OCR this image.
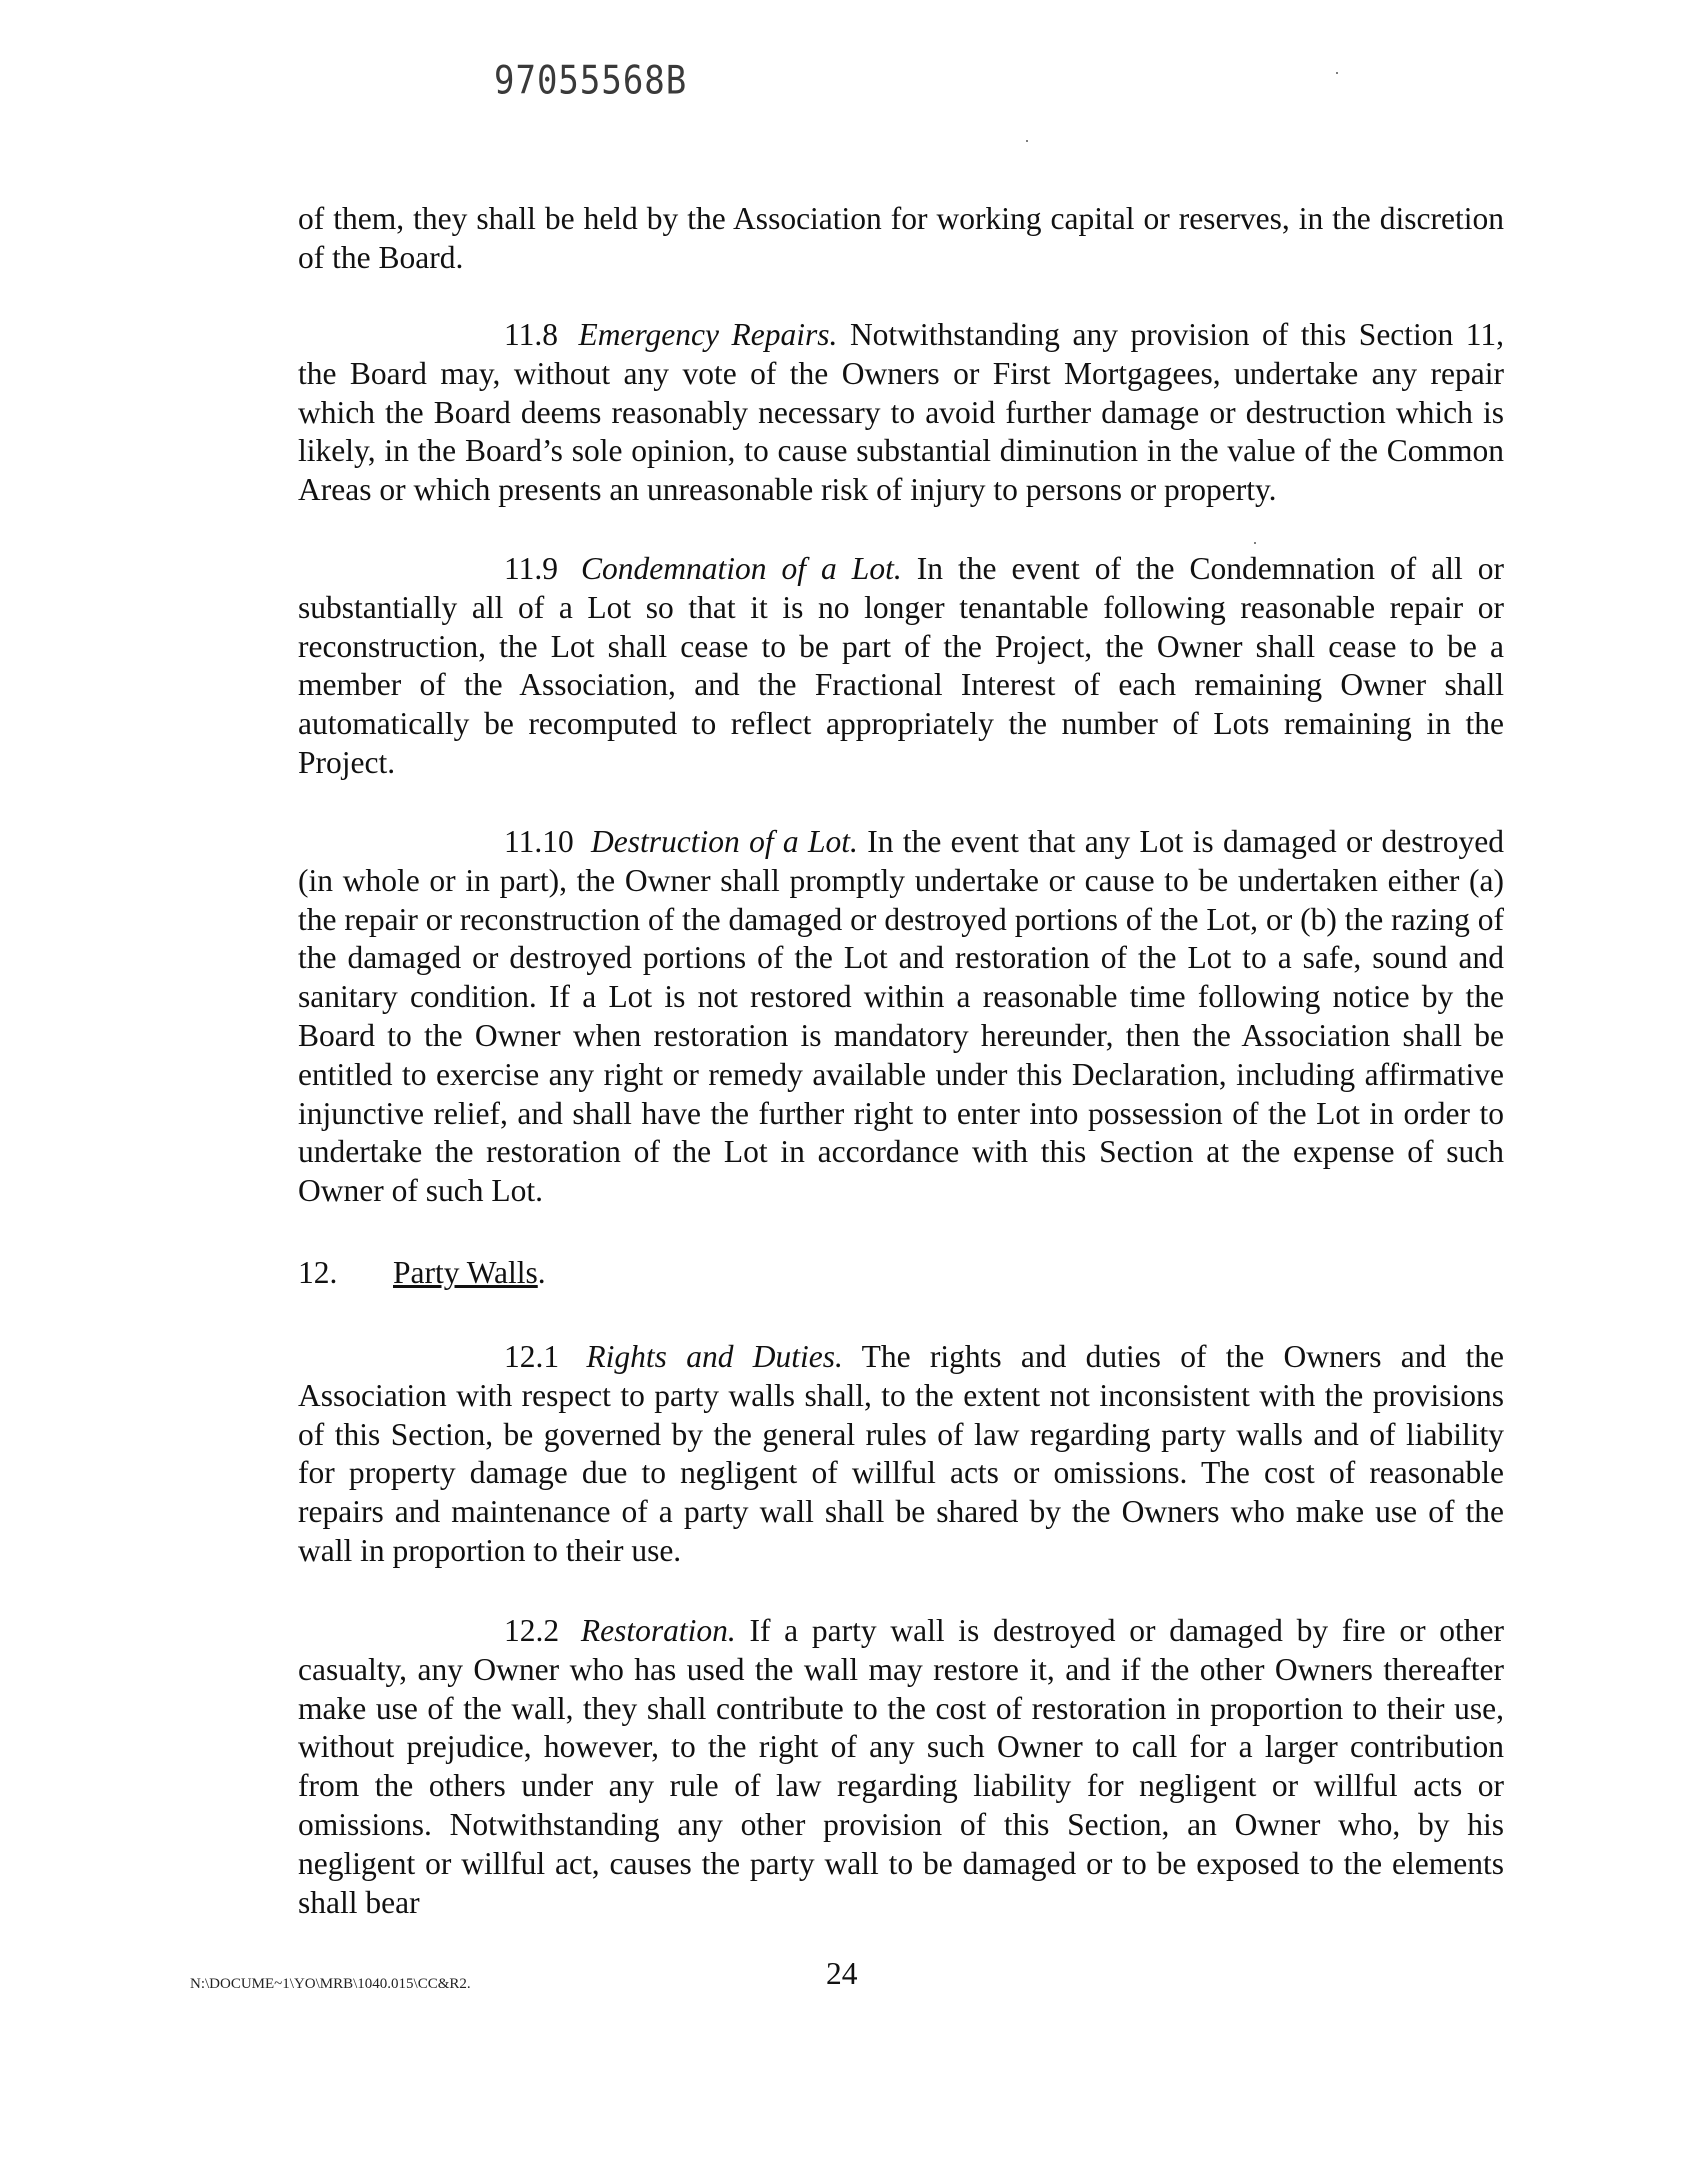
97055568B

of them, they shall be held by the Association for working capital or reserves, in the discretion of the Board.

11.8 Emergency Repairs. Notwithstanding any provision of this Section 11, the Board may, without any vote of the Owners or First Mortgagees, undertake any repair which the Board deems reasonably necessary to avoid further damage or destruction which is likely, in the Board’s sole opinion, to cause substantial diminution in the value of the Common Areas or which presents an unreasonable risk of injury to persons or property.

11.9 Condemnation of a Lot. In the event of the Condemnation of all or substantially all of a Lot so that it is no longer tenantable following reasonable repair or reconstruction, the Lot shall cease to be part of the Project, the Owner shall cease to be a member of the Association, and the Fractional Interest of each remaining Owner shall automatically be recomputed to reflect appropriately the number of Lots remaining in the Project.

11.10 Destruction of a Lot. In the event that any Lot is damaged or destroyed (in whole or in part), the Owner shall promptly undertake or cause to be undertaken either (a) the repair or reconstruction of the damaged or destroyed portions of the Lot, or (b) the razing of the damaged or destroyed portions of the Lot and restoration of the Lot to a safe, sound and sanitary condition. If a Lot is not restored within a reasonable time following notice by the Board to the Owner when restoration is mandatory hereunder, then the Association shall be entitled to exercise any right or remedy available under this Declaration, including affirmative injunctive relief, and shall have the further right to enter into possession of the Lot in order to undertake the restoration of the Lot in accordance with this Section at the expense of such Owner of such Lot.

12. Party Walls.

12.1 Rights and Duties. The rights and duties of the Owners and the Association with respect to party walls shall, to the extent not inconsistent with the provisions of this Section, be governed by the general rules of law regarding party walls and of liability for property damage due to negligent of willful acts or omissions. The cost of reasonable repairs and maintenance of a party wall shall be shared by the Owners who make use of the wall in proportion to their use.

12.2 Restoration. If a party wall is destroyed or damaged by fire or other casualty, any Owner who has used the wall may restore it, and if the other Owners thereafter make use of the wall, they shall contribute to the cost of restoration in proportion to their use, without prejudice, however, to the right of any such Owner to call for a larger contribution from the others under any rule of law regarding liability for negligent or willful acts or omissions. Notwithstanding any other provision of this Section, an Owner who, by his negligent or willful act, causes the party wall to be damaged or to be exposed to the elements shall bear

N:\DOCUME~1\YO\MRB\1040.015\CC&R2.	24
